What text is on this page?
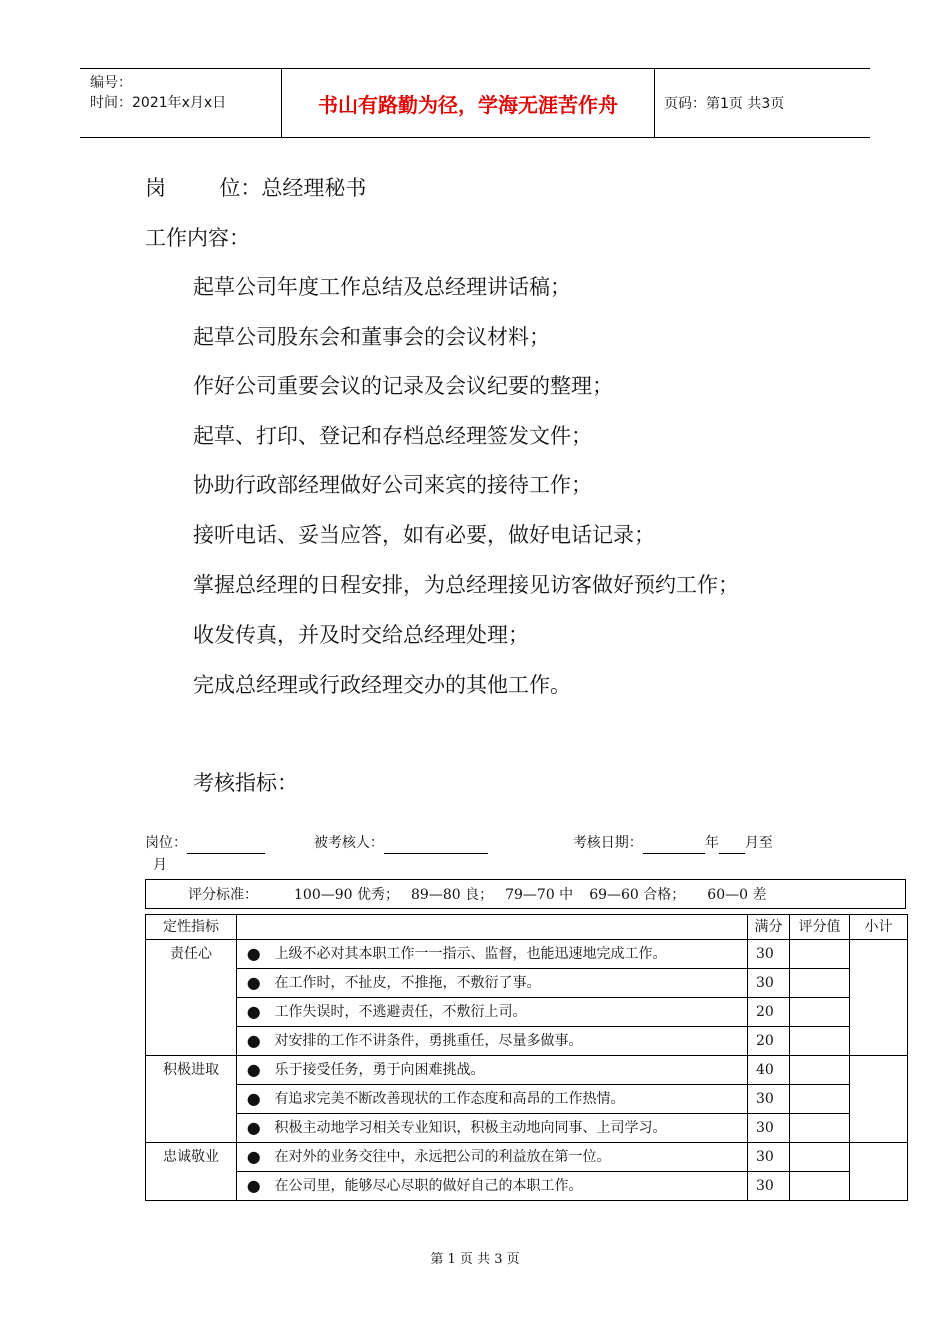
编号：
时间：2021年x月x日	书山有路勤为径，学海无涯苦作舟	页码：第1页 共3页
岗        位：总经理秘书
工作内容：
起草公司年度工作总结及总经理讲话稿；
起草公司股东会和董事会的会议材料；
作好公司重要会议的记录及会议纪要的整理；
起草、打印、登记和存档总经理签发文件；
协助行政部经理做好公司来宾的接待工作；
接听电话、妥当应答，如有必要，做好电话记录；
掌握总经理的日程安排，为总经理接见访客做好预约工作；
收发传真，并及时交给总经理处理；
完成总经理或行政经理交办的其他工作。
考核指标：
岗位：	被考核人：	考核日期：	年 月至
月
评分标准：	100—90 优秀； 89—80 良； 79—70 中 69—60 合格； 60—0 差
定性指标			满分	评分值	小计
责任心	●	上级不必对其本职工作一一指示、监督，也能迅速地完成工作。	30		
	●	在工作时，不扯皮，不推拖，不敷衍了事。	30		
	●	工作失误时，不逃避责任，不敷衍上司。	20		
	●	对安排的工作不讲条件，勇挑重任，尽量多做事。	20		
积极进取	●	乐于接受任务，勇于向困难挑战。	40		
	●	有追求完美不断改善现状的工作态度和高昂的工作热情。	30		
	●	积极主动地学习相关专业知识，积极主动地向同事、上司学习。	30		
忠诚敬业	●	在对外的业务交往中，永远把公司的利益放在第一位。	30		
	●	在公司里，能够尽心尽职的做好自己的本职工作。	30		
第 1 页 共 3 页
